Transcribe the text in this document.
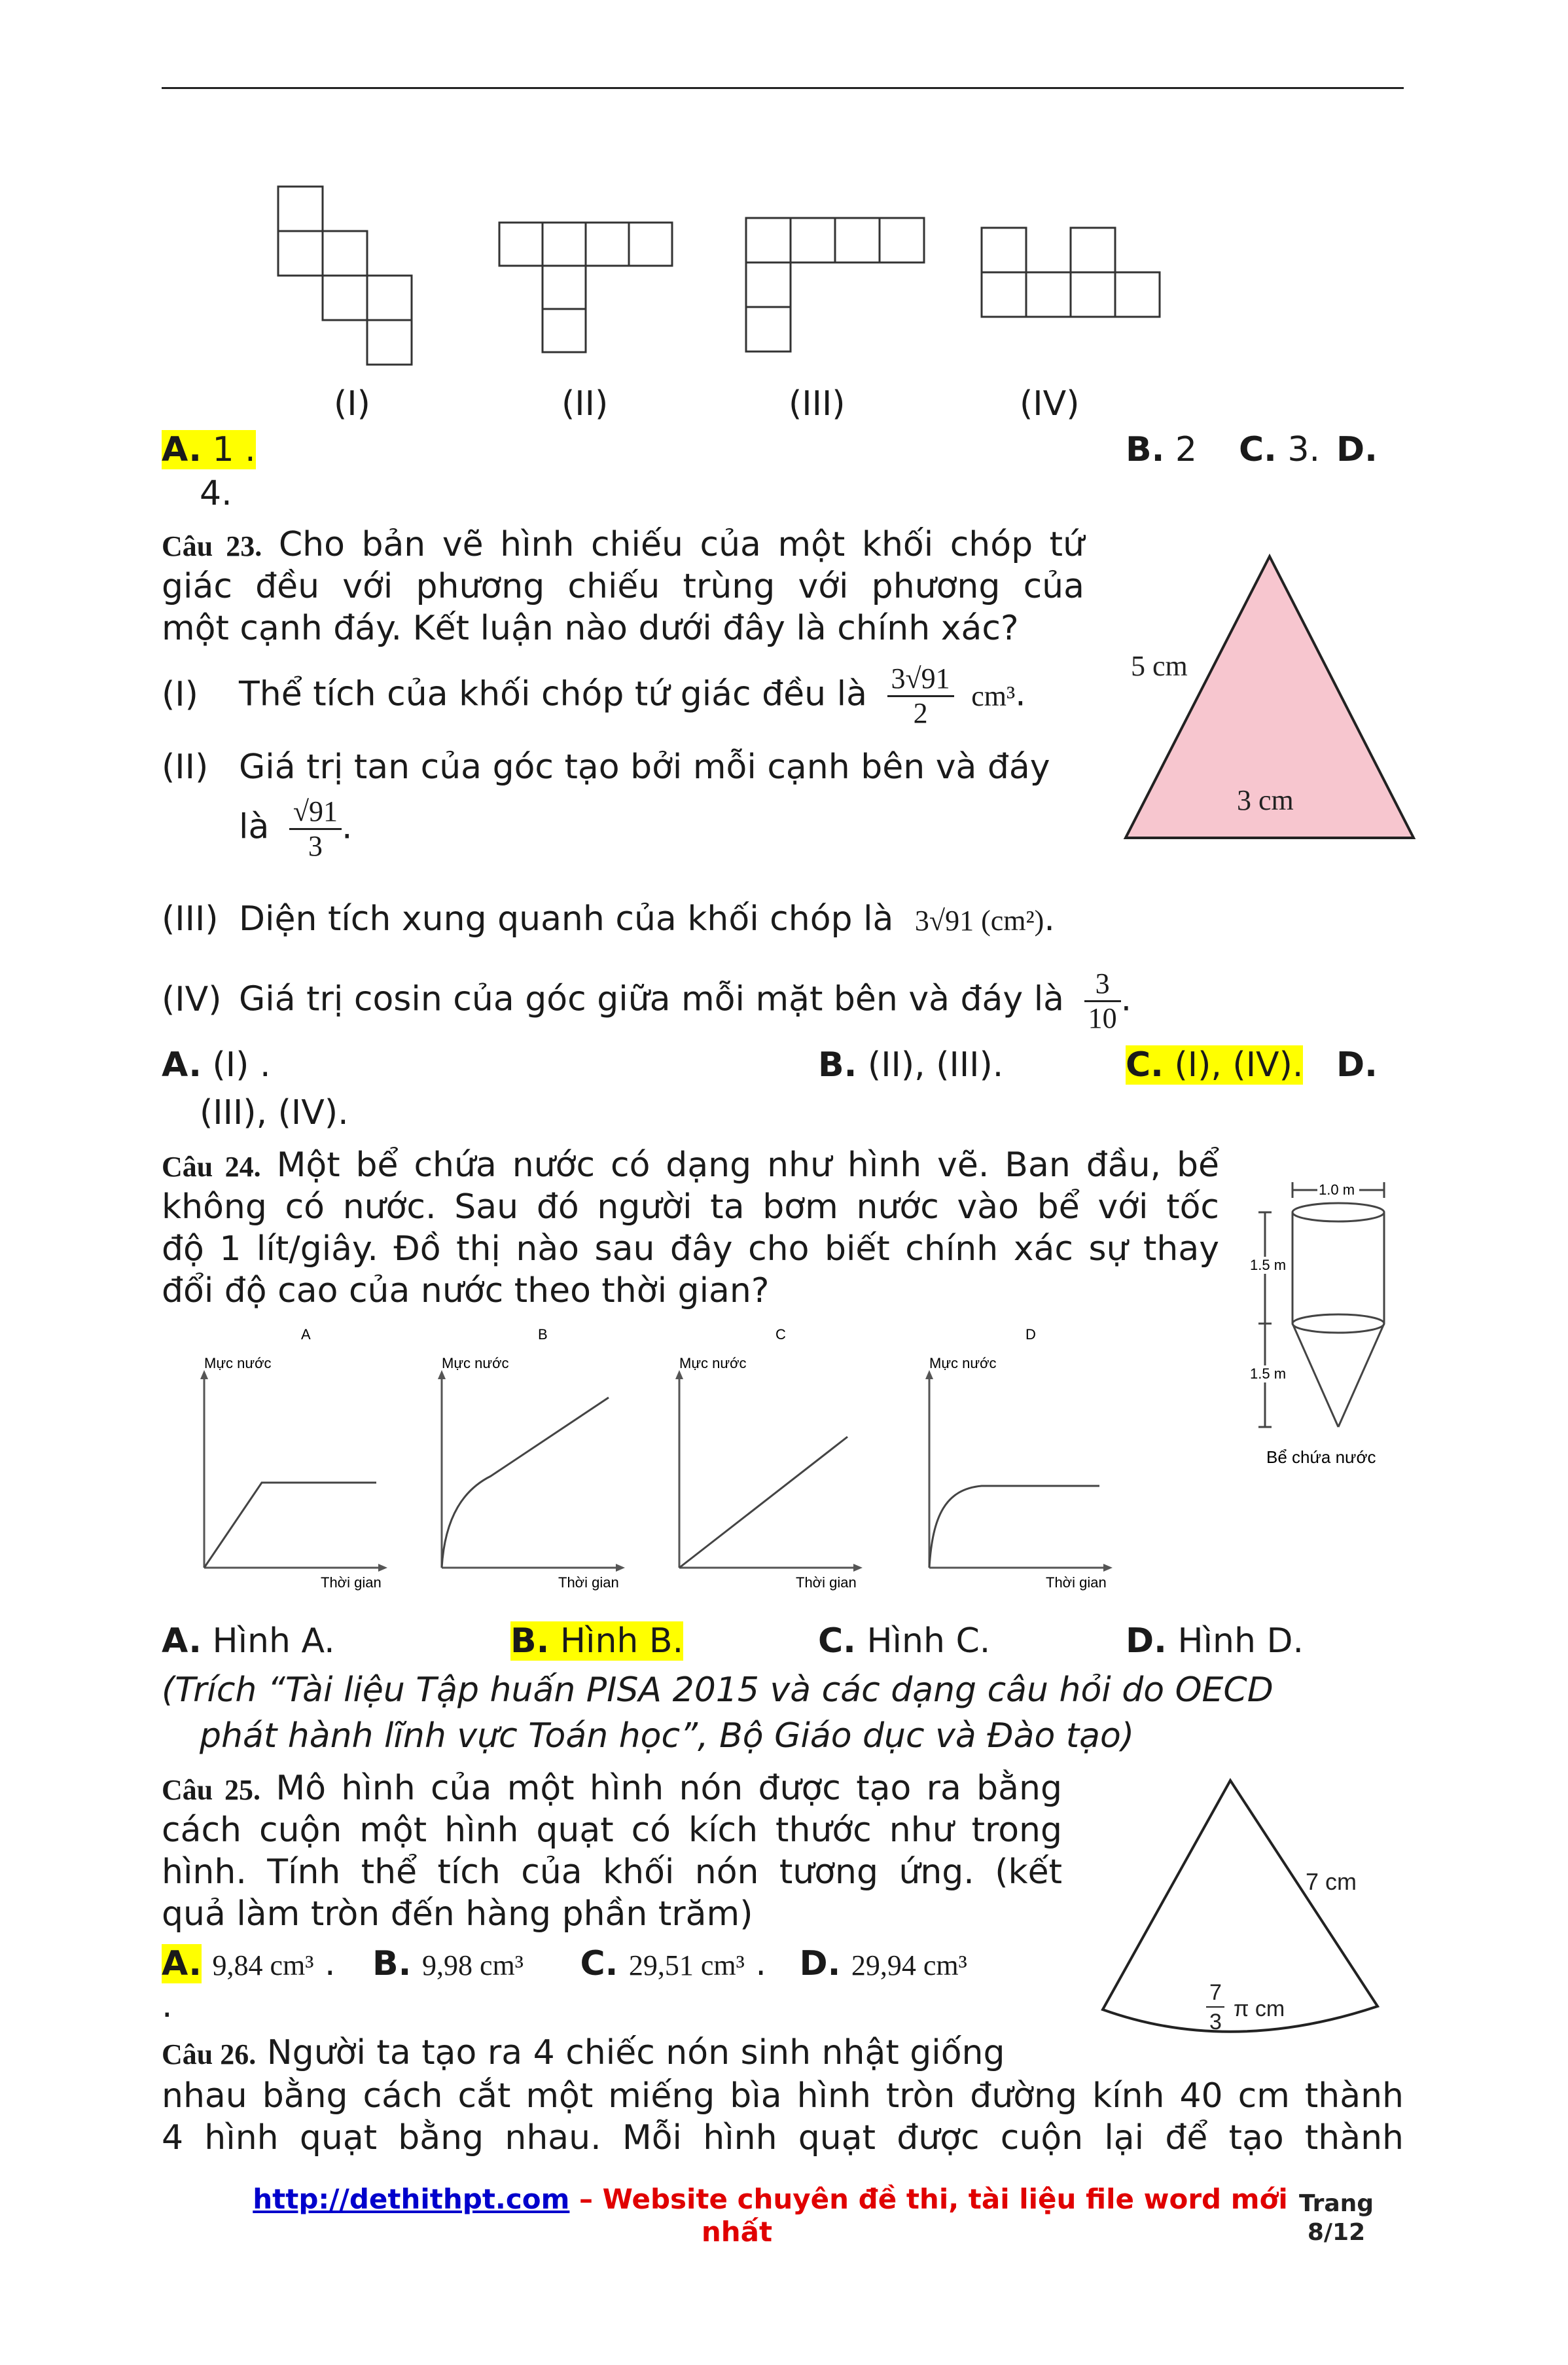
(I)	(II)	(III)	(IV)
A. 1 .	B. 2 C. 3. D.
4.
Câu 23. Cho bản vẽ hình chiếu của một khối chóp tứ
giác đều với phương chiếu trùng với phương của
một cạnh đáy. Kết luận nào dưới đây là chính xác?
(I) Thể tích của khối chóp tứ giác đều là $\frac{3√91}{2} cm^3$.
(II) Giá trị tan của góc tạo bởi mỗi cạnh bên và đáy
là $\frac{√91}{3}$ .
(III) Diện tích xung quanh của khối chóp là 3√91 (cm²).
(IV) Giá trị cosin của góc giữa mỗi mặt bên và đáy là $\frac{3}{10}$ .
5 cm
3 cm
A. (I) .	B. (II), (III).	C. (I), (IV). D.
(III), (IV).
Câu 24. Một bể chứa nước có dạng như hình vẽ. Ban đầu, bể
không có nước. Sau đó người ta bơm nước vào bể với tốc
độ 1 lít/giây. Đồ thị nào sau đây cho biết chính xác sự thay
đổi độ cao của nước theo thời gian?
1.0 m
1.5 m
1.5 m
Bể chứa nước
A
Mực nước
Thời gian
B
Mực nước
Thời gian
C
Mực nước
Thời gian
D
Mực nước
Thời gian
A. Hình A.	B. Hình B.	C. Hình C.	D. Hình D.
(Trích “Tài liệu Tập huấn PISA 2015 và các dạng câu hỏi do OECD
phát hành lĩnh vực Toán học”, Bộ Giáo dục và Đào tạo)
Câu 25. Mô hình của một hình nón được tạo ra bằng
cách cuộn một hình quạt có kích thước như trong
hình. Tính thể tích của khối nón tương ứng. (kết
quả làm tròn đến hàng phần trăm)
A. 9,84 cm³ . B. 9,98 cm³ C. 29,51 cm³ . D. 29,94 cm³
.
7 cm
7
3
π cm
Câu 26. Người ta tạo ra 4 chiếc nón sinh nhật giống
nhau bằng cách cắt một miếng bìa hình tròn đường kính 40 cm thành
4 hình quạt bằng nhau. Mỗi hình quạt được cuộn lại để tạo thành
http://dethithpt.com – Website chuyên đề thi, tài liệu file word mới
nhất
Trang
8/12
